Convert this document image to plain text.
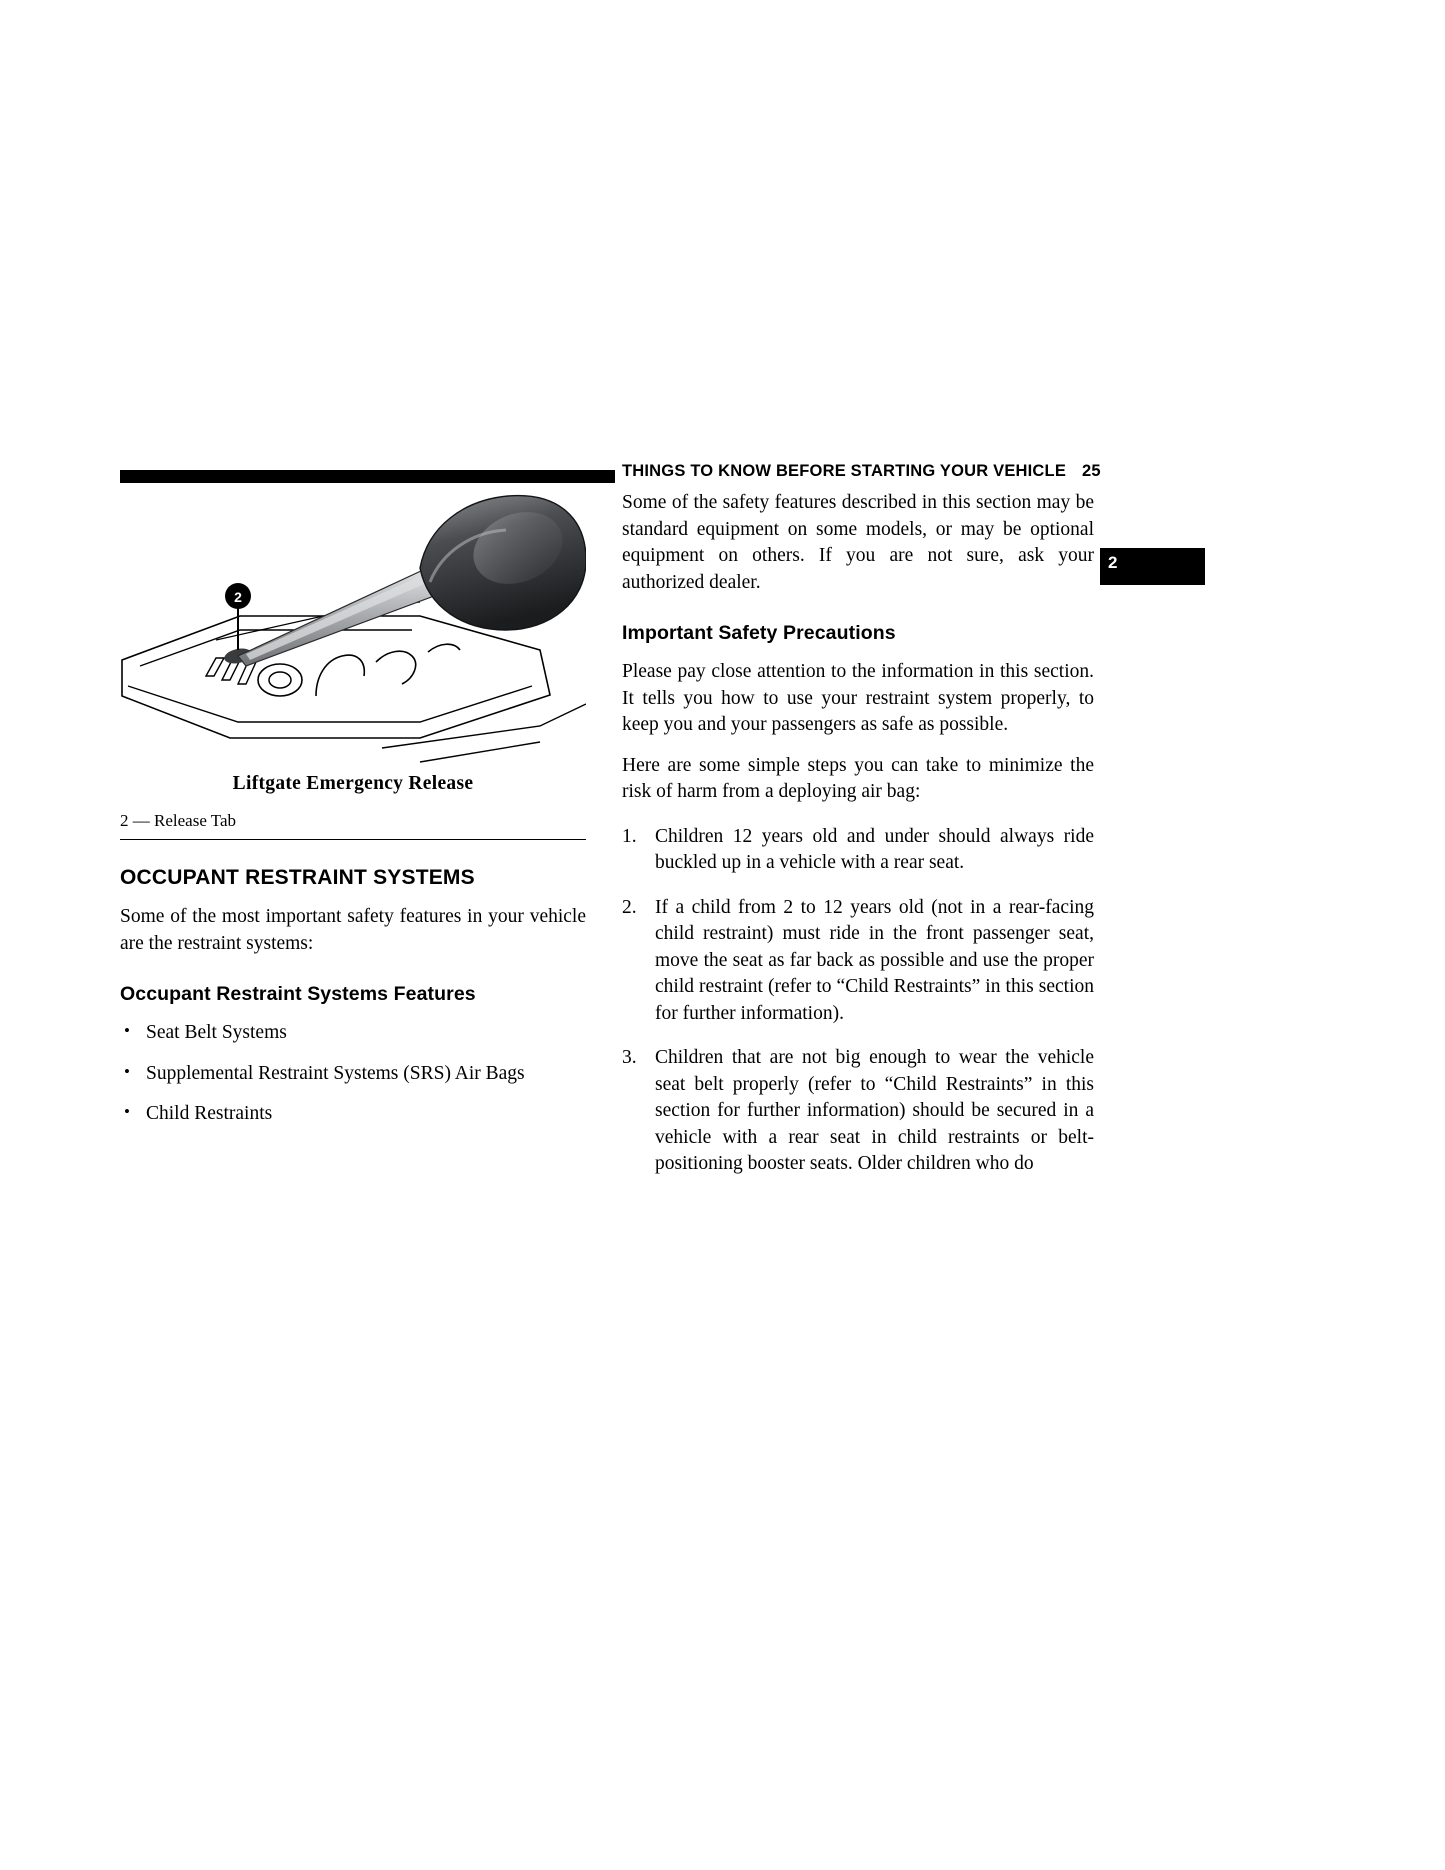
THINGS TO KNOW BEFORE STARTING YOUR VEHICLE 25
2
2
Liftgate Emergency Release
2 — Release Tab
OCCUPANT RESTRAINT SYSTEMS

Some of the most important safety features in your vehicle are the restraint systems:

Occupant Restraint Systems Features
• Seat Belt Systems
• Supplemental Restraint Systems (SRS) Air Bags
• Child Restraints

Some of the safety features described in this section may be standard equipment on some models, or may be optional equipment on others. If you are not sure, ask your authorized dealer.

Important Safety Precautions

Please pay close attention to the information in this section. It tells you how to use your restraint system properly, to keep you and your passengers as safe as possible.

Here are some simple steps you can take to minimize the risk of harm from a deploying air bag:

1. Children 12 years old and under should always ride buckled up in a vehicle with a rear seat.
2. If a child from 2 to 12 years old (not in a rear-facing child restraint) must ride in the front passenger seat, move the seat as far back as possible and use the proper child restraint (refer to “Child Restraints” in this section for further information).
3. Children that are not big enough to wear the vehicle seat belt properly (refer to “Child Restraints” in this section for further information) should be secured in a vehicle with a rear seat in child restraints or belt-positioning booster seats. Older children who do
